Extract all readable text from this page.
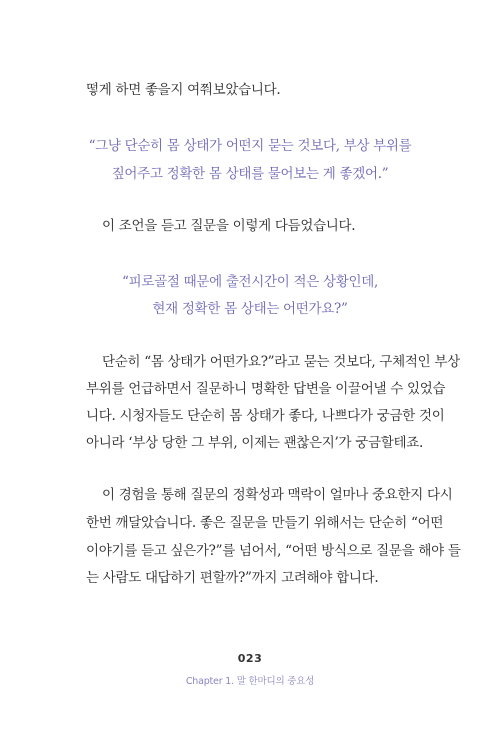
떻게 하면 좋을지 여쭤보았습니다.
“그냥 단순히 몸 상태가 어떤지 묻는 것보다, 부상 부위를
짚어주고 정확한 몸 상태를 물어보는 게 좋겠어.”
이 조언을 듣고 질문을 이렇게 다듬었습니다.
“피로골절 때문에 출전시간이 적은 상황인데,
현재 정확한 몸 상태는 어떤가요?”
단순히 “몸 상태가 어떤가요?”라고 묻는 것보다, 구체적인 부상
부위를 언급하면서 질문하니 명확한 답변을 이끌어낼 수 있었습
니다. 시청자들도 단순히 몸 상태가 좋다, 나쁘다가 궁금한 것이
아니라 ‘부상 당한 그 부위, 이제는 괜찮은지’가 궁금할테죠.
이 경험을 통해 질문의 정확성과 맥락이 얼마나 중요한지 다시
한번 깨달았습니다. 좋은 질문을 만들기 위해서는 단순히 “어떤
이야기를 듣고 싶은가?”를 넘어서, “어떤 방식으로 질문을 해야 들
는 사람도 대답하기 편할까?”까지 고려해야 합니다.
023
Chapter 1. 말 한마디의 중요성
